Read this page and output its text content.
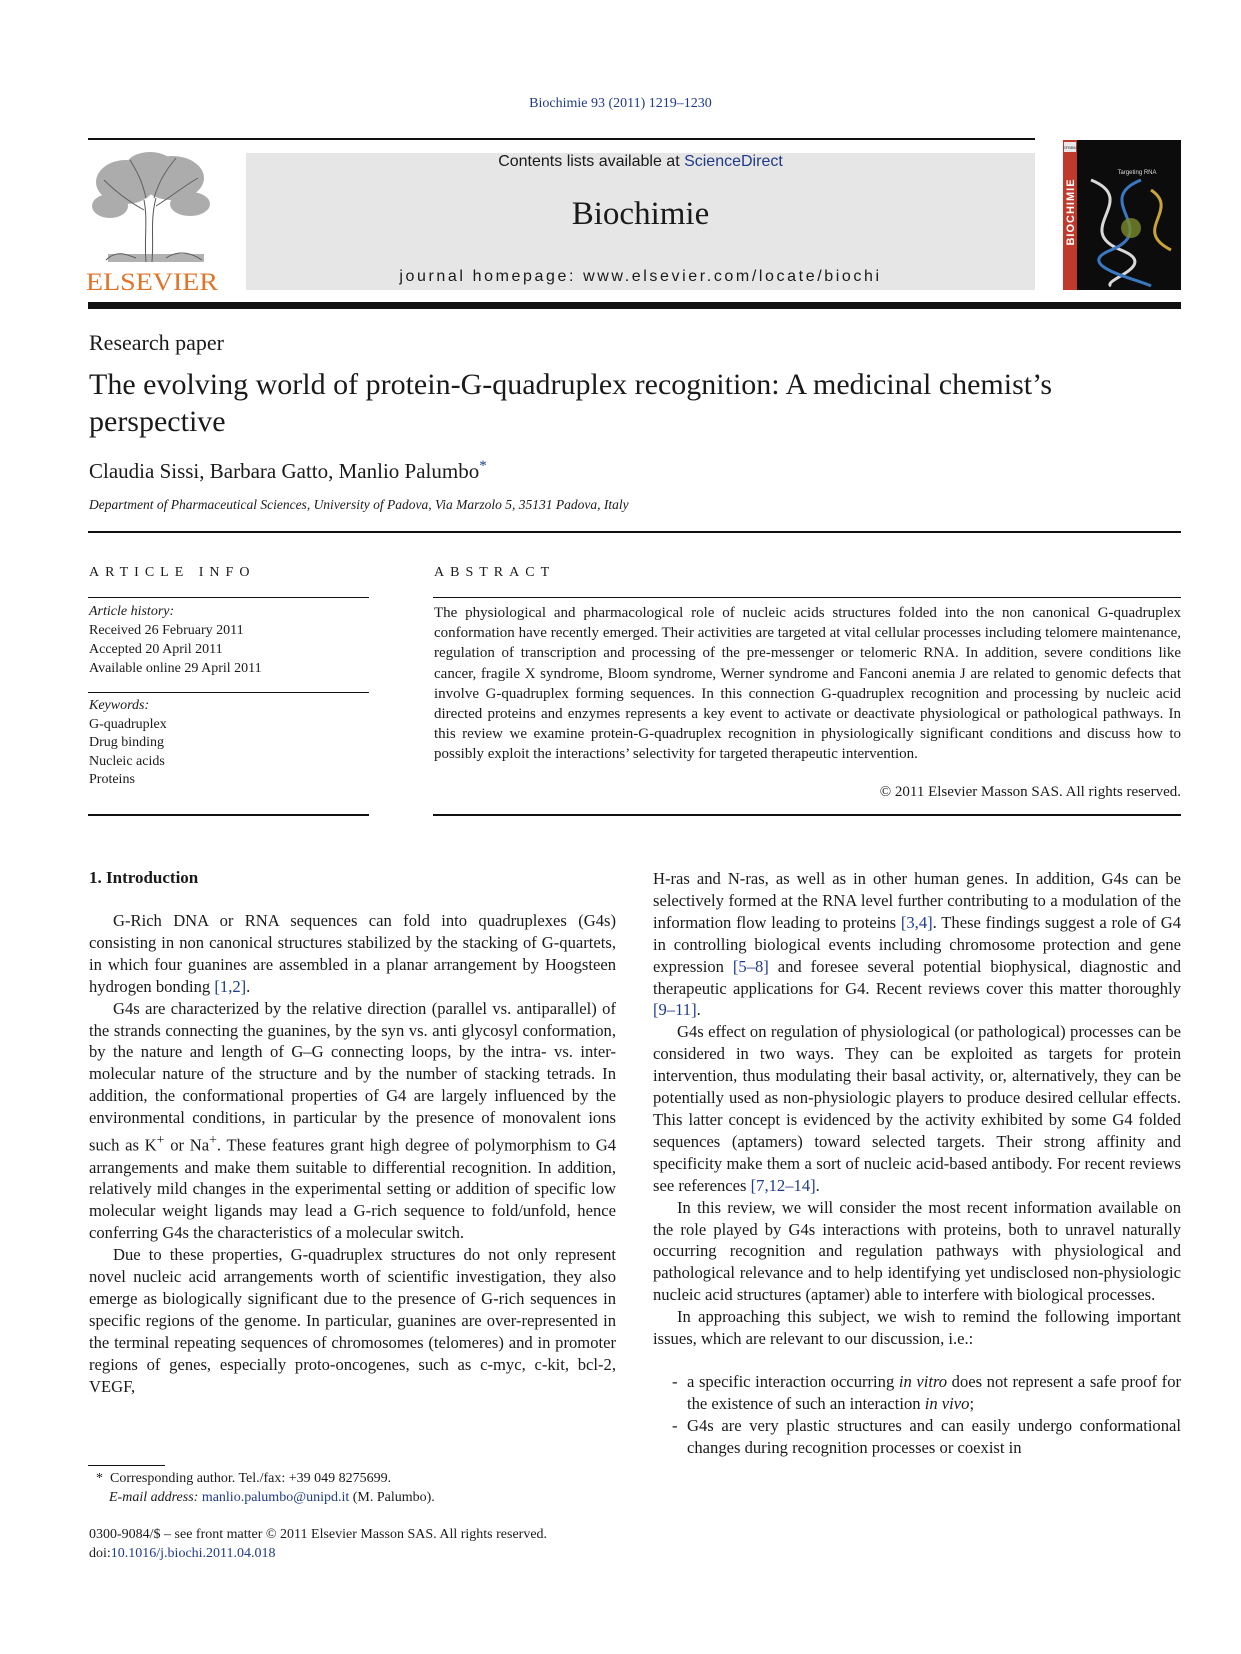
Biochimie 93 (2011) 1219–1230
ELSEVIER
Contents lists available at ScienceDirect
Biochimie
journal homepage: www.elsevier.com/locate/biochi
BIOCHIMIE
Targeting RNA
SFBBM
Research paper
The evolving world of protein-G-quadruplex recognition: A medicinal chemist’s perspective
Claudia Sissi, Barbara Gatto, Manlio Palumbo*
Department of Pharmaceutical Sciences, University of Padova, Via Marzolo 5, 35131 Padova, Italy
ARTICLE INFO	ABSTRACT
Article history:
Received 26 February 2011
Accepted 20 April 2011
Available online 29 April 2011
Keywords:
G-quadruplex
Drug binding
Nucleic acids
Proteins
The physiological and pharmacological role of nucleic acids structures folded into the non canonical G-quadruplex conformation have recently emerged. Their activities are targeted at vital cellular processes including telomere maintenance, regulation of transcription and processing of the pre-messenger or telomeric RNA. In addition, severe conditions like cancer, fragile X syndrome, Bloom syndrome, Werner syndrome and Fanconi anemia J are related to genomic defects that involve G-quadruplex forming sequences. In this connection G-quadruplex recognition and processing by nucleic acid directed proteins and enzymes represents a key event to activate or deactivate physiological or pathological pathways. In this review we examine protein-G-quadruplex recognition in physiologically significant conditions and discuss how to possibly exploit the interactions’ selectivity for targeted therapeutic intervention.
© 2011 Elsevier Masson SAS. All rights reserved.
1. Introduction

G-Rich DNA or RNA sequences can fold into quadruplexes (G4s) consisting in non canonical structures stabilized by the stacking of G-quartets, in which four guanines are assembled in a planar arrangement by Hoogsteen hydrogen bonding [1,2].

G4s are characterized by the relative direction (parallel vs. antiparallel) of the strands connecting the guanines, by the syn vs. anti glycosyl conformation, by the nature and length of G–G connecting loops, by the intra- vs. inter-molecular nature of the structure and by the number of stacking tetrads. In addition, the conformational properties of G4 are largely influenced by the environmental conditions, in particular by the presence of monovalent ions such as K+ or Na+. These features grant high degree of polymorphism to G4 arrangements and make them suitable to differential recognition. In addition, relatively mild changes in the experimental setting or addition of specific low molecular weight ligands may lead a G-rich sequence to fold/unfold, hence conferring G4s the characteristics of a molecular switch.

Due to these properties, G-quadruplex structures do not only represent novel nucleic acid arrangements worth of scientific investigation, they also emerge as biologically significant due to the presence of G-rich sequences in specific regions of the genome. In particular, guanines are over-represented in the terminal repeating sequences of chromosomes (telomeres) and in promoter regions of genes, especially proto-oncogenes, such as c-myc, c-kit, bcl-2, VEGF,

H-ras and N-ras, as well as in other human genes. In addition, G4s can be selectively formed at the RNA level further contributing to a modulation of the information flow leading to proteins [3,4]. These findings suggest a role of G4 in controlling biological events including chromosome protection and gene expression [5–8] and foresee several potential biophysical, diagnostic and therapeutic applications for G4. Recent reviews cover this matter thoroughly [9–11].

G4s effect on regulation of physiological (or pathological) processes can be considered in two ways. They can be exploited as targets for protein intervention, thus modulating their basal activity, or, alternatively, they can be potentially used as non-physiologic players to produce desired cellular effects. This latter concept is evidenced by the activity exhibited by some G4 folded sequences (aptamers) toward selected targets. Their strong affinity and specificity make them a sort of nucleic acid-based antibody. For recent reviews see references [7,12–14].

In this review, we will consider the most recent information available on the role played by G4s interactions with proteins, both to unravel naturally occurring recognition and regulation pathways with physiological and pathological relevance and to help identifying yet undisclosed non-physiologic nucleic acid structures (aptamer) able to interfere with biological processes.

In approaching this subject, we wish to remind the following important issues, which are relevant to our discussion, i.e.:

- a specific interaction occurring in vitro does not represent a safe proof for the existence of such an interaction in vivo;
- G4s are very plastic structures and can easily undergo conformational changes during recognition processes or coexist in
* Corresponding author. Tel./fax: +39 049 8275699.
E-mail address: manlio.palumbo@unipd.it (M. Palumbo).
0300-9084/$ – see front matter © 2011 Elsevier Masson SAS. All rights reserved.
doi:10.1016/j.biochi.2011.04.018
